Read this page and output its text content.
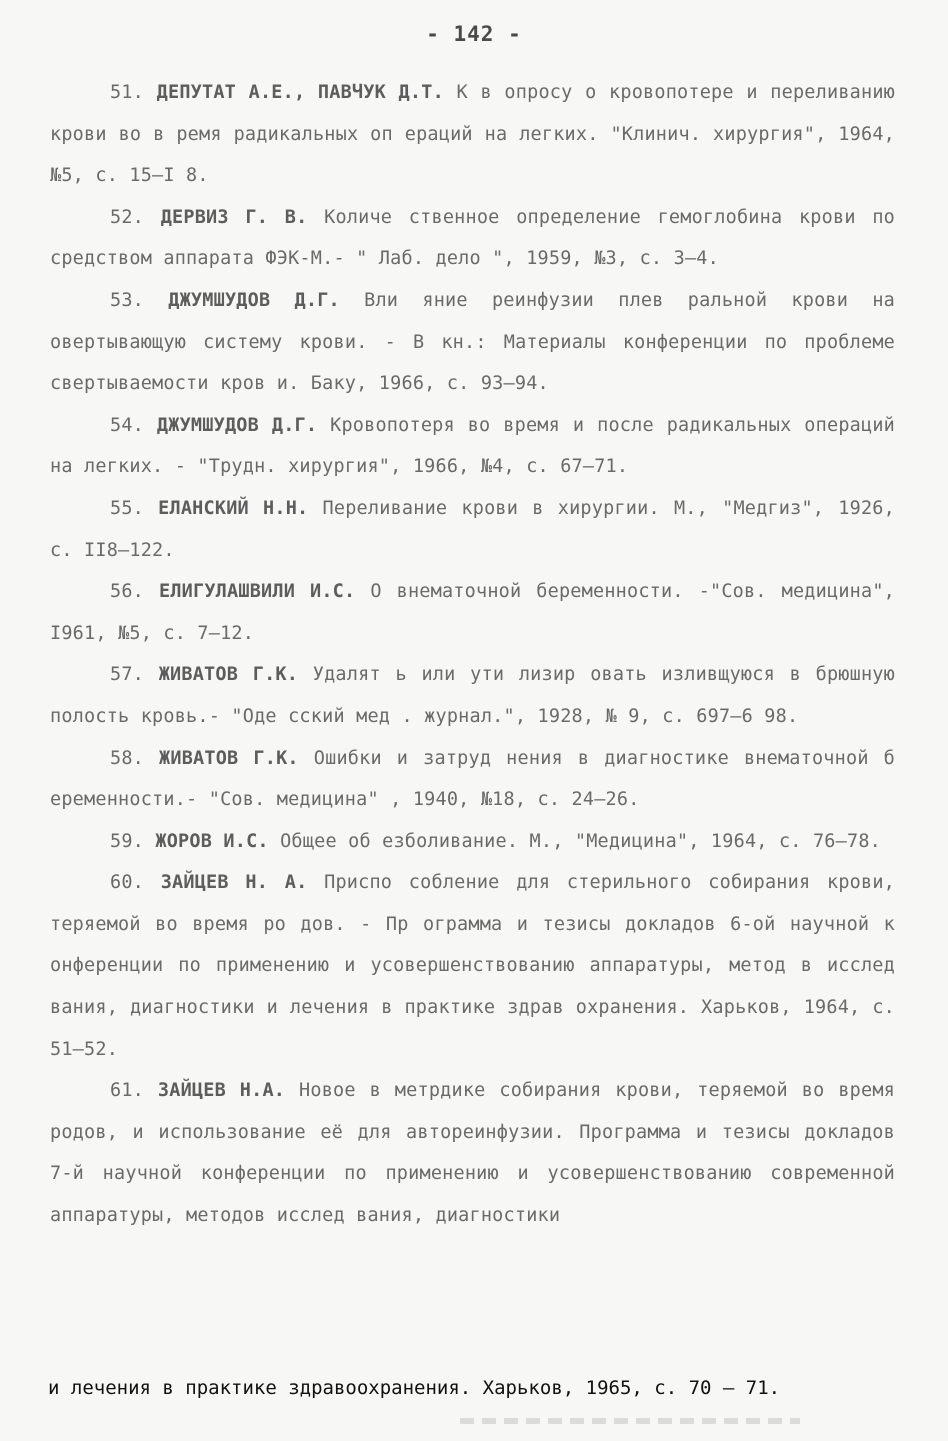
- 142 -

51. ДЕПУТАТ А.Е., ПАВЧУК Д.Т. К в опросу о кровопотере и переливанию крови во в ремя радикальных оп ераций на легких. "Клинич. хирургия", 1964, №5, с. 15–I 8.

52. ДЕРВИЗ Г. В. Количе ственное определение гемоглобина крови по средством аппарата ФЭК-М.- " Лаб. дело ", 1959, №3, с. 3–4.

53. ДЖУМШУДОВ Д.Г. Вли яние реинфузии плев ральной крови на овертывающую систему крови. - В кн.: Материалы конференции по проблеме свертываемости кров и. Баку, 1966, с. 93–94.

54. ДЖУМШУДОВ Д.Г. Кровопотеря во время и после радикальных операций на легких. - "Трудн. хирургия", 1966, №4, с. 67–71.

55. ЕЛАНСКИЙ Н.Н. Переливание крови в хирургии. М., "Медгиз", 1926, с. II8–122.

56. ЕЛИГУЛАШВИЛИ И.С. О внематочной беременности. -"Сов. медицина", I961, №5, с. 7–12.

57. ЖИВАТОВ Г.К. Удалят ь или ути лизир овать изливщуюся в брюшную полость кровь.- "Оде сский мед . журнал.", 1928, № 9, с. 697–6 98.

58. ЖИВАТОВ Г.К. Ошибки и затруд нения в диагностике внематочной б еременности.- "Сов. медицина" , 1940, №18, с. 24–26.

59. ЖОРОВ И.С. Общее об езболивание. М., "Медицина", 1964, с. 76–78.

60. ЗАЙЦЕВ Н. А. Приспо собление для стерильного собирания крови, теряемой во время ро дов. - Пр ограмма и тезисы докладов 6-ой научной к онференции по применению и усовершенствованию аппаратуры, метод в исслед вания, диагностики и лечения в практике здрав охранения. Харьков, 1964, с. 51–52.

61. ЗАЙЦЕВ Н.А. Новое в метрдике собирания крови, теряемой во время родов, и использование её для автореинфузии. Программа и тезисы докладов 7-й научной конференции по применению и усовершенствованию современной аппаратуры, методов исслед вания, диагностики

и лечения в практике здравоохранения. Харьков, 1965, с. 70 – 71.
